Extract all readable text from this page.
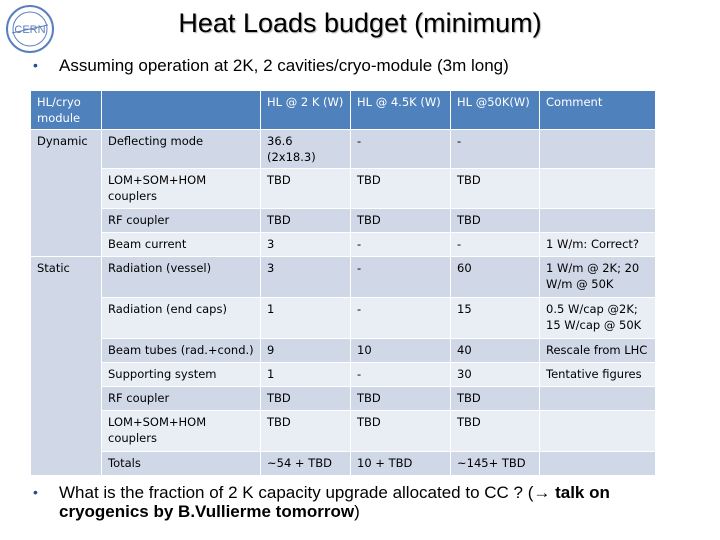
CERN	Heat Loads budget (minimum)
•	Assuming operation at 2K, 2 cavities/cryo-module (3m long)
HL/cryo module		HL @ 2 K (W)	HL @ 4.5K (W)	HL @50K(W)	Comment
Dynamic	Deflecting mode	36.6 (2x18.3)	-	-	
	LOM+SOM+HOM couplers	TBD	TBD	TBD	
	RF coupler	TBD	TBD	TBD	
	Beam current	3	-	-	1 W/m: Correct?
Static	Radiation (vessel)	3	-	60	1 W/m @ 2K; 20 W/m @ 50K
	Radiation (end caps)	1	-	15	0.5 W/cap @2K; 15 W/cap @ 50K
	Beam tubes (rad.+cond.)	9	10	40	Rescale from LHC
	Supporting system	1	-	30	Tentative figures
	RF coupler	TBD	TBD	TBD	
	LOM+SOM+HOM couplers	TBD	TBD	TBD	
	Totals	~54 + TBD	10 + TBD	~145+ TBD	
•	What is the fraction of 2 K capacity upgrade allocated to CC ? (→ talk on cryogenics by B.Vullierme tomorrow)
